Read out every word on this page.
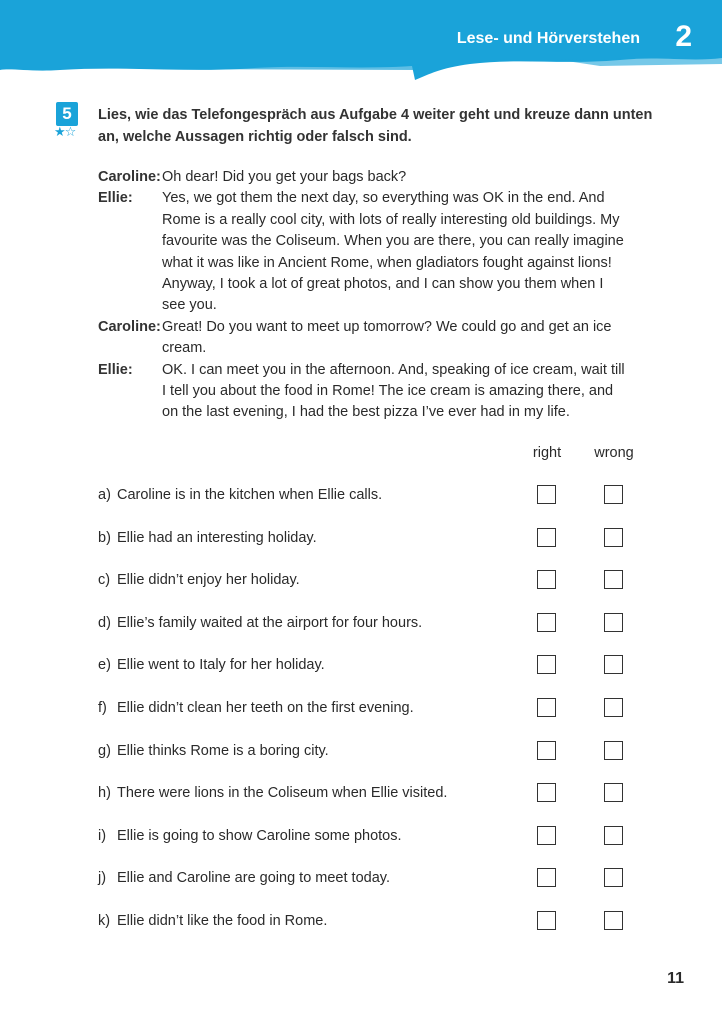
Lese- und Hörverstehen 2
5
★☆
Lies, wie das Telefongespräch aus Aufgabe 4 weiter geht und kreuze dann unten an, welche Aussagen richtig oder falsch sind.
Caroline: Oh dear! Did you get your bags back?
Ellie:	Yes, we got them the next day, so everything was OK in the end. And
Rome is a really cool city, with lots of really interesting old buildings. My
favourite was the Coliseum. When you are there, you can really imagine
what it was like in Ancient Rome, when gladiators fought against lions!
Anyway, I took a lot of great photos, and I can show you them when I
see you.
Caroline: Great! Do you want to meet up tomorrow? We could go and get an ice
cream.
Ellie:	OK. I can meet you in the afternoon. And, speaking of ice cream, wait till
I tell you about the food in Rome! The ice cream is amazing there, and
on the last evening, I had the best pizza I’ve ever had in my life.
right	wrong
a) Caroline is in the kitchen when Ellie calls.
b) Ellie had an interesting holiday.
c) Ellie didn’t enjoy her holiday.
d) Ellie’s family waited at the airport for four hours.
e) Ellie went to Italy for her holiday.
f) Ellie didn’t clean her teeth on the first evening.
g) Ellie thinks Rome is a boring city.
h) There were lions in the Coliseum when Ellie visited.
i) Ellie is going to show Caroline some photos.
j) Ellie and Caroline are going to meet today.
k) Ellie didn’t like the food in Rome.
11
